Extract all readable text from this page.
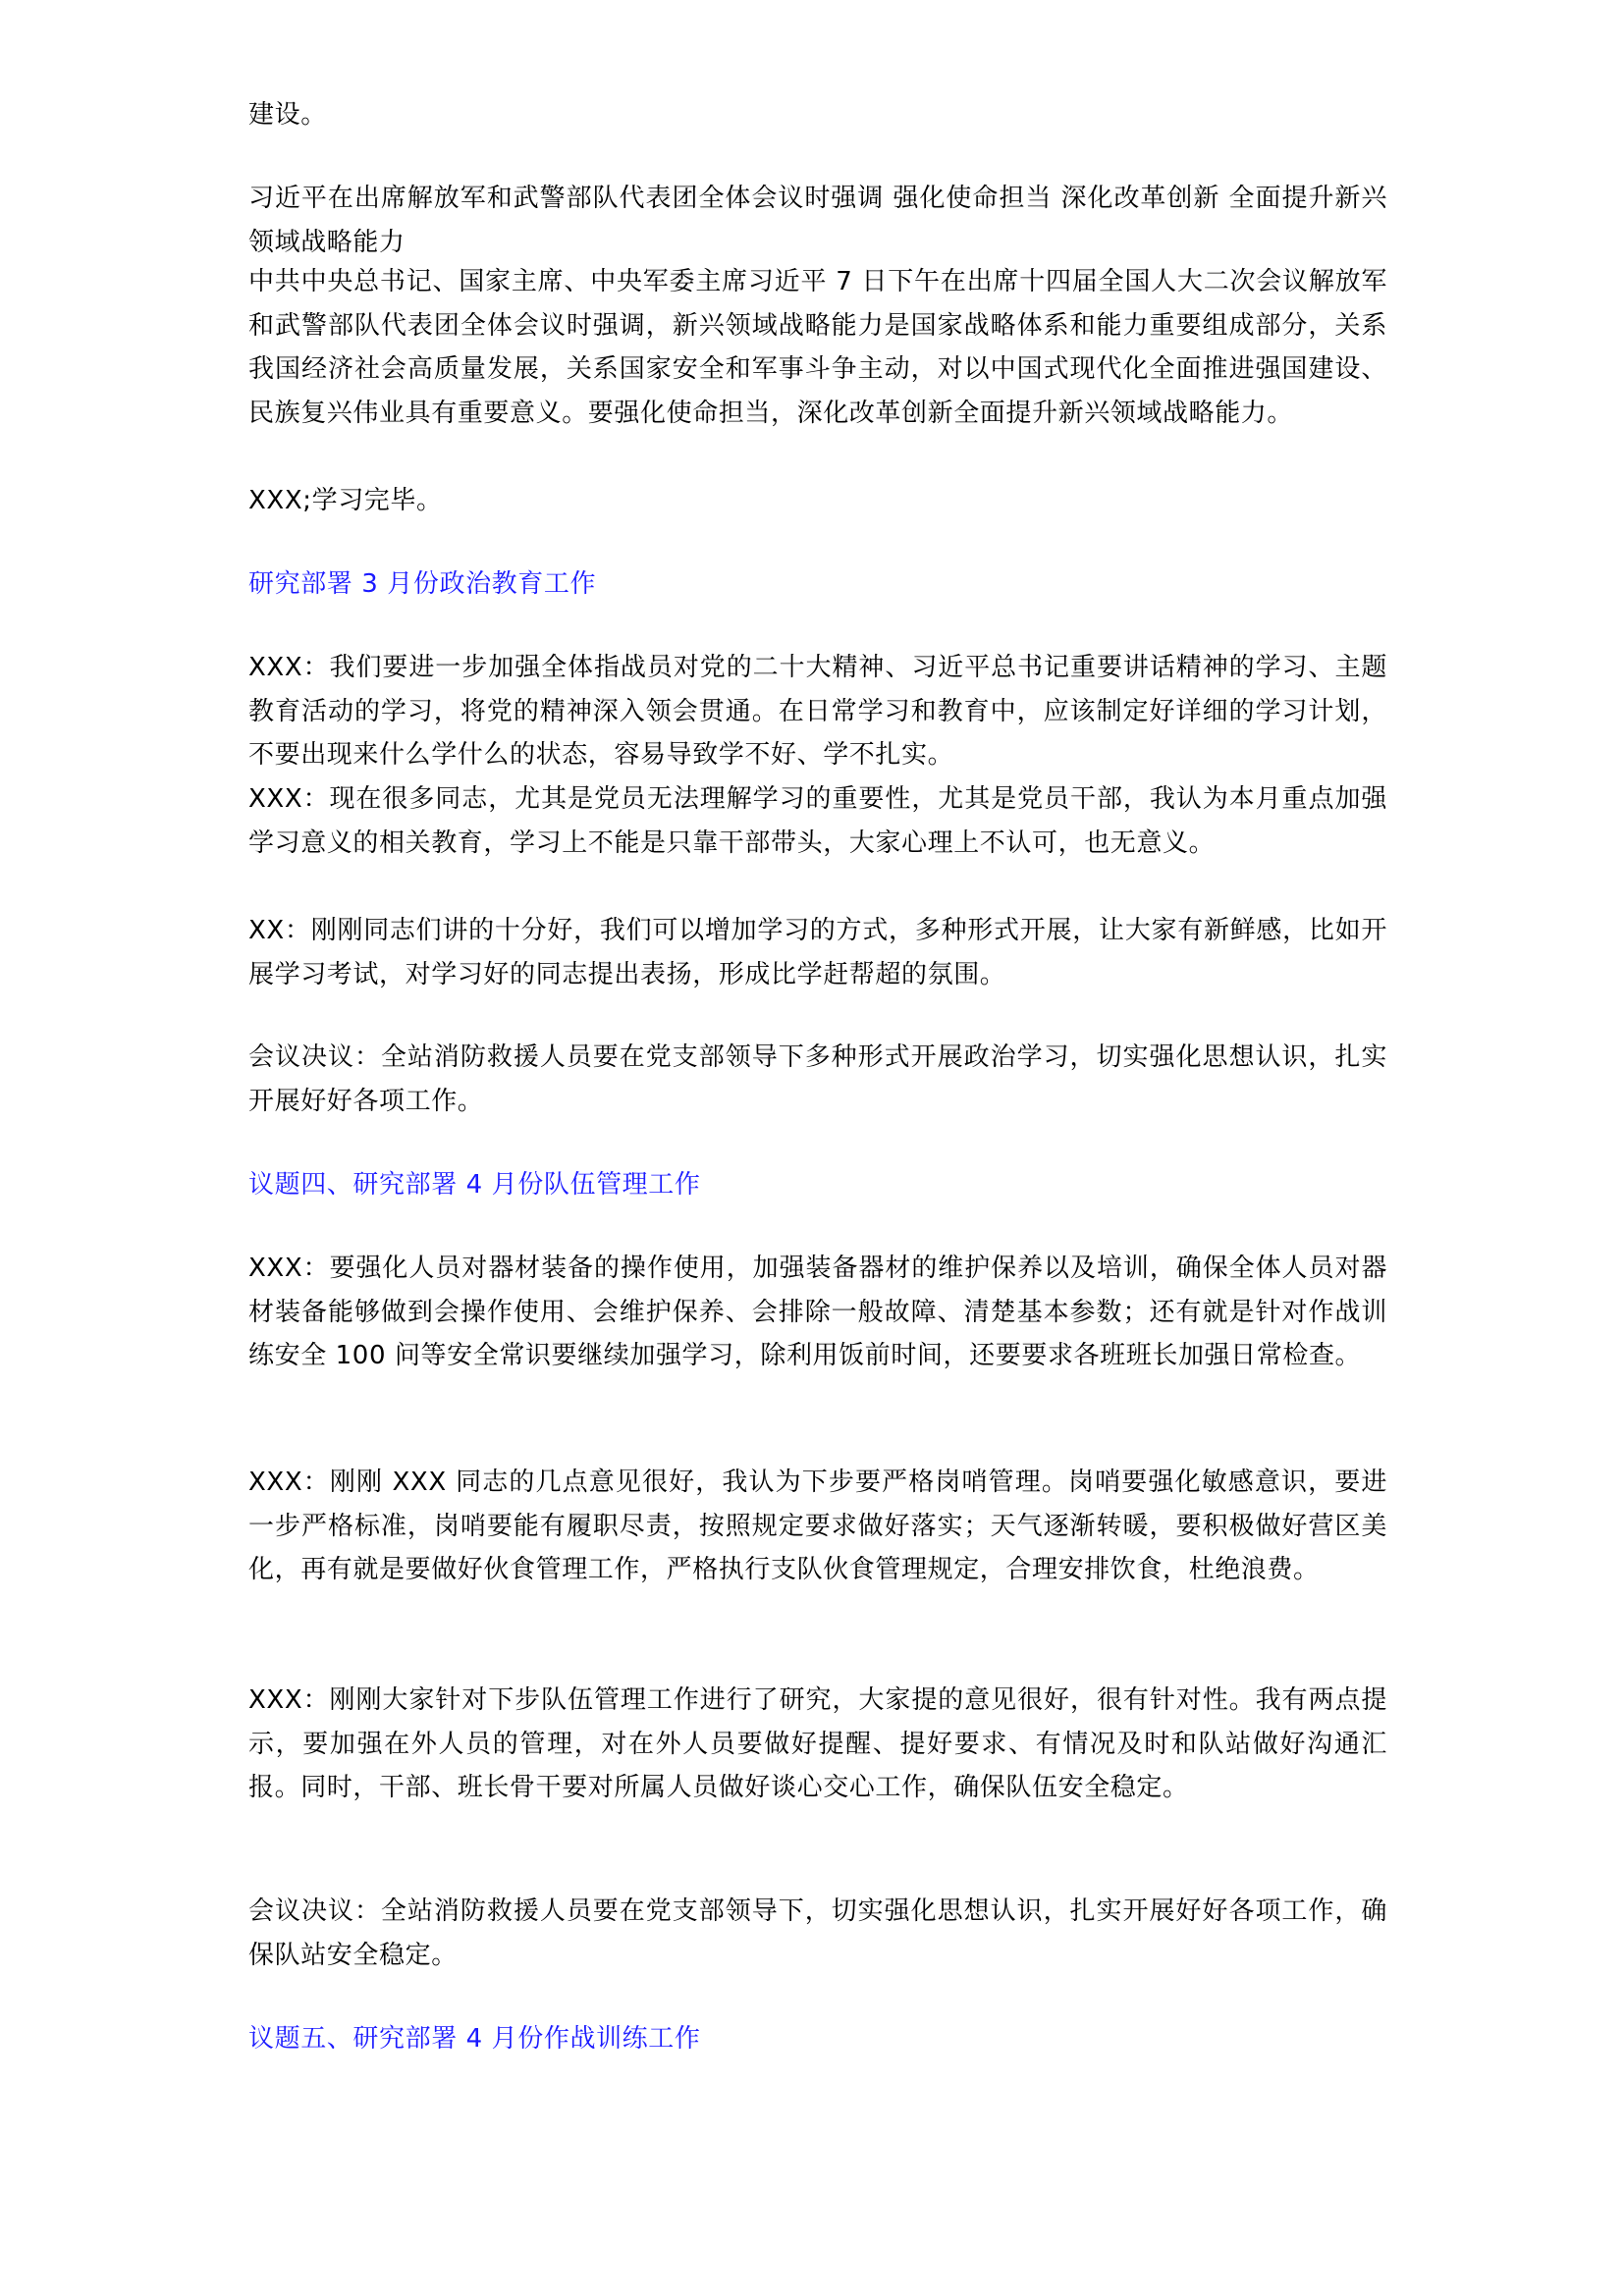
建设。

习近平在出席解放军和武警部队代表团全体会议时强调 强化使命担当 深化改革创新 全面提升新兴领域战略能力

中共中央总书记、国家主席、中央军委主席习近平 7 日下午在出席十四届全国人大二次会议解放军和武警部队代表团全体会议时强调，新兴领域战略能力是国家战略体系和能力重要组成部分，关系我国经济社会高质量发展，关系国家安全和军事斗争主动，对以中国式现代化全面推进强国建设、民族复兴伟业具有重要意义。要强化使命担当，深化改革创新全面提升新兴领域战略能力。

XXX;学习完毕。

研究部署 3 月份政治教育工作

XXX：我们要进一步加强全体指战员对党的二十大精神、习近平总书记重要讲话精神的学习、主题教育活动的学习，将党的精神深入领会贯通。在日常学习和教育中，应该制定好详细的学习计划，不要出现来什么学什么的状态，容易导致学不好、学不扎实。

XXX：现在很多同志，尤其是党员无法理解学习的重要性，尤其是党员干部，我认为本月重点加强学习意义的相关教育，学习上不能是只靠干部带头，大家心理上不认可，也无意义。

XX：刚刚同志们讲的十分好，我们可以增加学习的方式，多种形式开展，让大家有新鲜感，比如开展学习考试，对学习好的同志提出表扬，形成比学赶帮超的氛围。

会议决议：全站消防救援人员要在党支部领导下多种形式开展政治学习，切实强化思想认识，扎实开展好好各项工作。

议题四、研究部署 4 月份队伍管理工作

XXX：要强化人员对器材装备的操作使用，加强装备器材的维护保养以及培训，确保全体人员对器材装备能够做到会操作使用、会维护保养、会排除一般故障、清楚基本参数；还有就是针对作战训练安全 100 问等安全常识要继续加强学习，除利用饭前时间，还要要求各班班长加强日常检查。

XXX：刚刚 XXX 同志的几点意见很好，我认为下步要严格岗哨管理。岗哨要强化敏感意识，要进一步严格标准，岗哨要能有履职尽责，按照规定要求做好落实；天气逐渐转暖，要积极做好营区美化，再有就是要做好伙食管理工作，严格执行支队伙食管理规定，合理安排饮食，杜绝浪费。

XXX：刚刚大家针对下步队伍管理工作进行了研究，大家提的意见很好，很有针对性。我有两点提示，要加强在外人员的管理，对在外人员要做好提醒、提好要求、有情况及时和队站做好沟通汇报。同时，干部、班长骨干要对所属人员做好谈心交心工作，确保队伍安全稳定。

会议决议：全站消防救援人员要在党支部领导下，切实强化思想认识，扎实开展好好各项工作，确保队站安全稳定。

议题五、研究部署 4 月份作战训练工作
